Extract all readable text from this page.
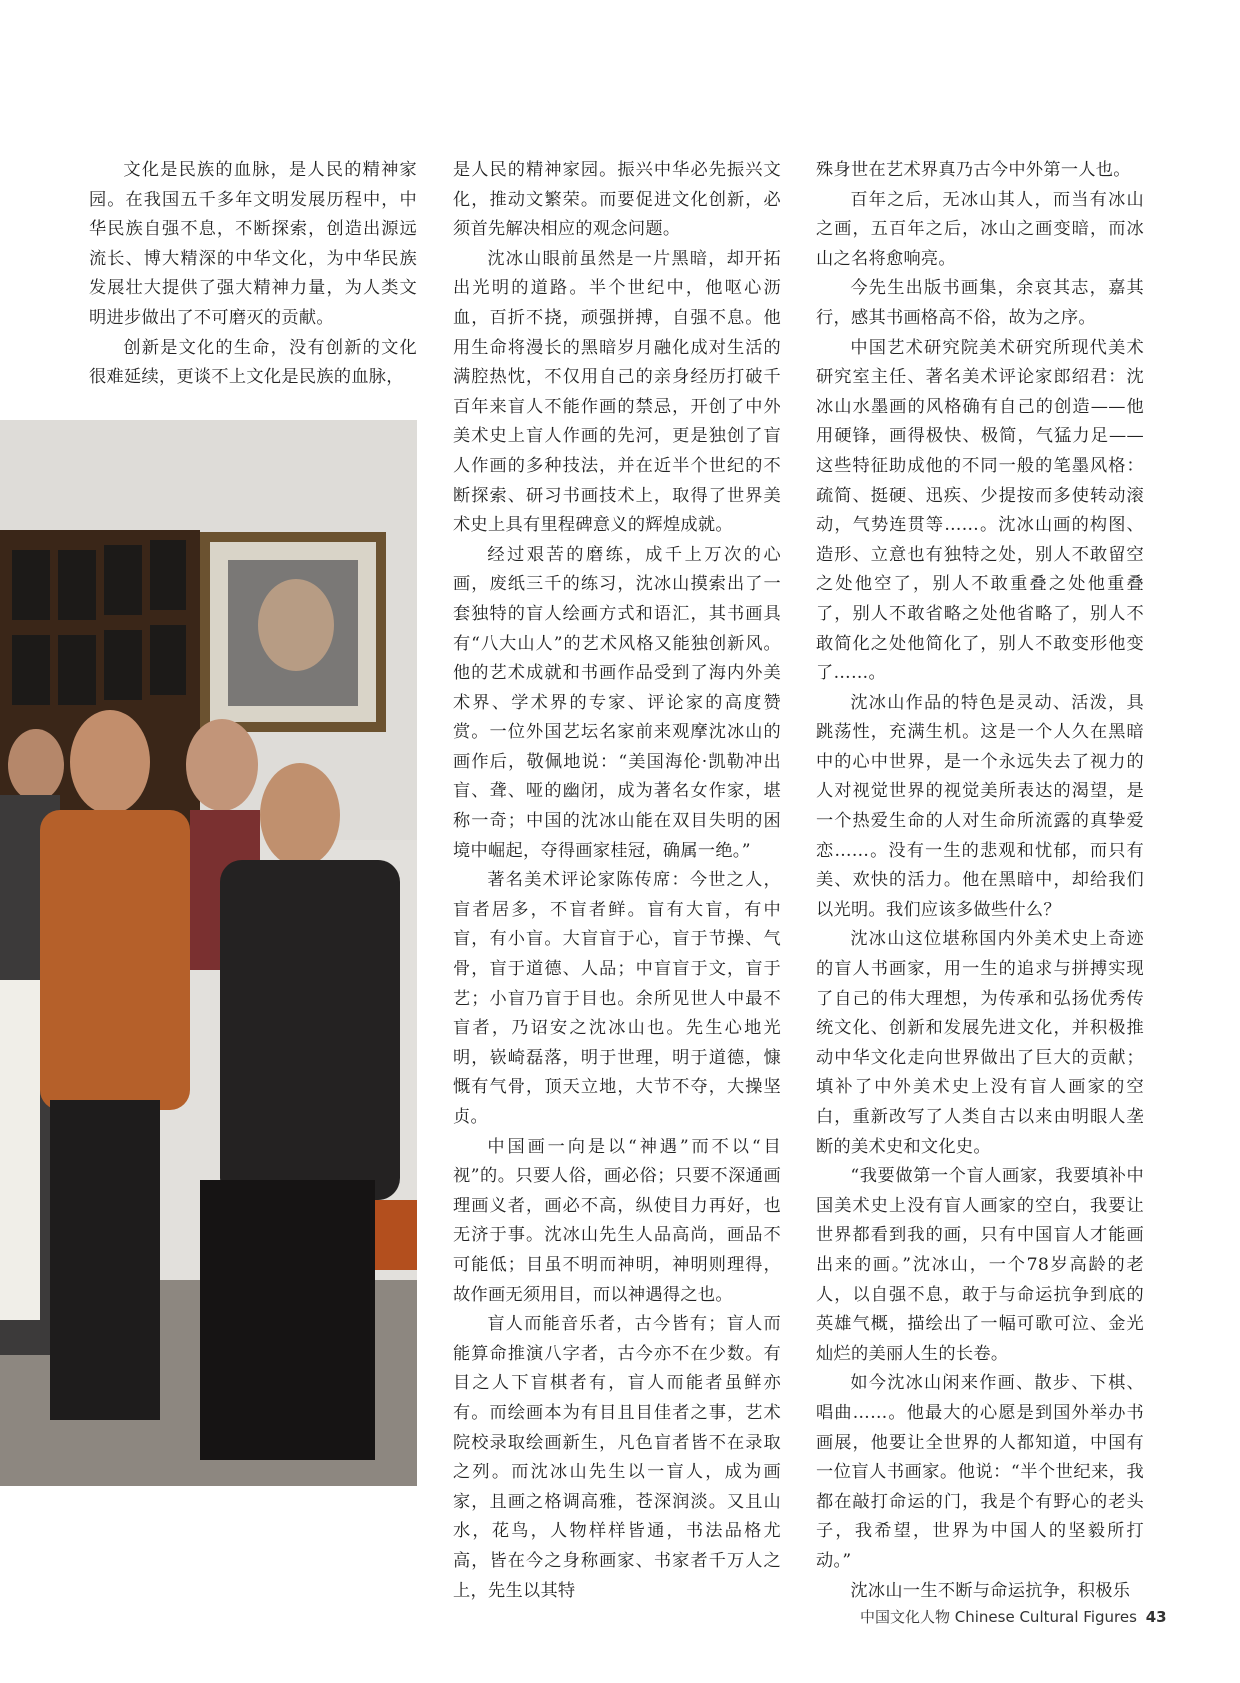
文化是民族的血脉，是人民的精神家园。在我国五千多年文明发展历程中，中华民族自强不息，不断探索，创造出源远流长、博大精深的中华文化，为中华民族发展壮大提供了强大精神力量，为人类文明进步做出了不可磨灭的贡献。

创新是文化的生命，没有创新的文化很难延续，更谈不上文化是民族的血脉，

是人民的精神家园。振兴中华必先振兴文化，推动文繁荣。而要促进文化创新，必须首先解决相应的观念问题。

沈冰山眼前虽然是一片黑暗，却开拓出光明的道路。半个世纪中，他呕心沥血，百折不挠，顽强拼搏，自强不息。他用生命将漫长的黑暗岁月融化成对生活的满腔热忱，不仅用自己的亲身经历打破千百年来盲人不能作画的禁忌，开创了中外美术史上盲人作画的先河，更是独创了盲人作画的多种技法，并在近半个世纪的不断探索、研习书画技术上，取得了世界美术史上具有里程碑意义的辉煌成就。

经过艰苦的磨练，成千上万次的心画，废纸三千的练习，沈冰山摸索出了一套独特的盲人绘画方式和语汇，其书画具有“八大山人”的艺术风格又能独创新风。他的艺术成就和书画作品受到了海内外美术界、学术界的专家、评论家的高度赞赏。一位外国艺坛名家前来观摩沈冰山的画作后，敬佩地说：“美国海伦·凯勒冲出盲、聋、哑的幽闭，成为著名女作家，堪称一奇；中国的沈冰山能在双目失明的困境中崛起，夺得画家桂冠，确属一绝。”

著名美术评论家陈传席：今世之人，盲者居多，不盲者鲜。盲有大盲，有中盲，有小盲。大盲盲于心，盲于节操、气骨，盲于道德、人品；中盲盲于文，盲于艺；小盲乃盲于目也。余所见世人中最不盲者，乃诏安之沈冰山也。先生心地光明，嵚崎磊落，明于世理，明于道德，慷慨有气骨，顶天立地，大节不夺，大操坚贞。

中国画一向是以“神遇”而不以“目视”的。只要人俗，画必俗；只要不深通画理画义者，画必不高，纵使目力再好，也无济于事。沈冰山先生人品高尚，画品不可能低；目虽不明而神明，神明则理得，故作画无须用目，而以神遇得之也。

盲人而能音乐者，古今皆有；盲人而能算命推演八字者，古今亦不在少数。有目之人下盲棋者有，盲人而能者虽鲜亦有。而绘画本为有目且目佳者之事，艺术院校录取绘画新生，凡色盲者皆不在录取之列。而沈冰山先生以一盲人，成为画家，且画之格调高雅，苍深润淡。又且山水，花鸟，人物样样皆通，书法品格尤高，皆在今之身称画家、书家者千万人之上，先生以其特

殊身世在艺术界真乃古今中外第一人也。

百年之后，无冰山其人，而当有冰山之画，五百年之后，冰山之画变暗，而冰山之名将愈响亮。

今先生出版书画集，余哀其志，嘉其行，感其书画格高不俗，故为之序。

中国艺术研究院美术研究所现代美术研究室主任、著名美术评论家郎绍君：沈冰山水墨画的风格确有自己的创造——他用硬锋，画得极快、极简，气猛力足——这些特征助成他的不同一般的笔墨风格：疏简、挺硬、迅疾、少提按而多使转动滚动，气势连贯等……。沈冰山画的构图、造形、立意也有独特之处，别人不敢留空之处他空了，别人不敢重叠之处他重叠了，别人不敢省略之处他省略了，别人不敢简化之处他简化了，别人不敢变形他变了……。

沈冰山作品的特色是灵动、活泼，具跳荡性，充满生机。这是一个人久在黑暗中的心中世界，是一个永远失去了视力的人对视觉世界的视觉美所表达的渴望，是一个热爱生命的人对生命所流露的真挚爱恋……。没有一生的悲观和忧郁，而只有美、欢快的活力。他在黑暗中，却给我们以光明。我们应该多做些什么？

沈冰山这位堪称国内外美术史上奇迹的盲人书画家，用一生的追求与拼搏实现了自己的伟大理想，为传承和弘扬优秀传统文化、创新和发展先进文化，并积极推动中华文化走向世界做出了巨大的贡献；填补了中外美术史上没有盲人画家的空白，重新改写了人类自古以来由明眼人垄断的美术史和文化史。

“我要做第一个盲人画家，我要填补中国美术史上没有盲人画家的空白，我要让世界都看到我的画，只有中国盲人才能画出来的画。”沈冰山，一个78岁高龄的老人，以自强不息，敢于与命运抗争到底的英雄气概，描绘出了一幅可歌可泣、金光灿烂的美丽人生的长卷。

如今沈冰山闲来作画、散步、下棋、唱曲……。他最大的心愿是到国外举办书画展，他要让全世界的人都知道，中国有一位盲人书画家。他说：“半个世纪来，我都在敲打命运的门，我是个有野心的老头子，我希望，世界为中国人的坚毅所打动。”

沈冰山一生不断与命运抗争，积极乐

中国文化人物 Chinese Cultural Figures 43
